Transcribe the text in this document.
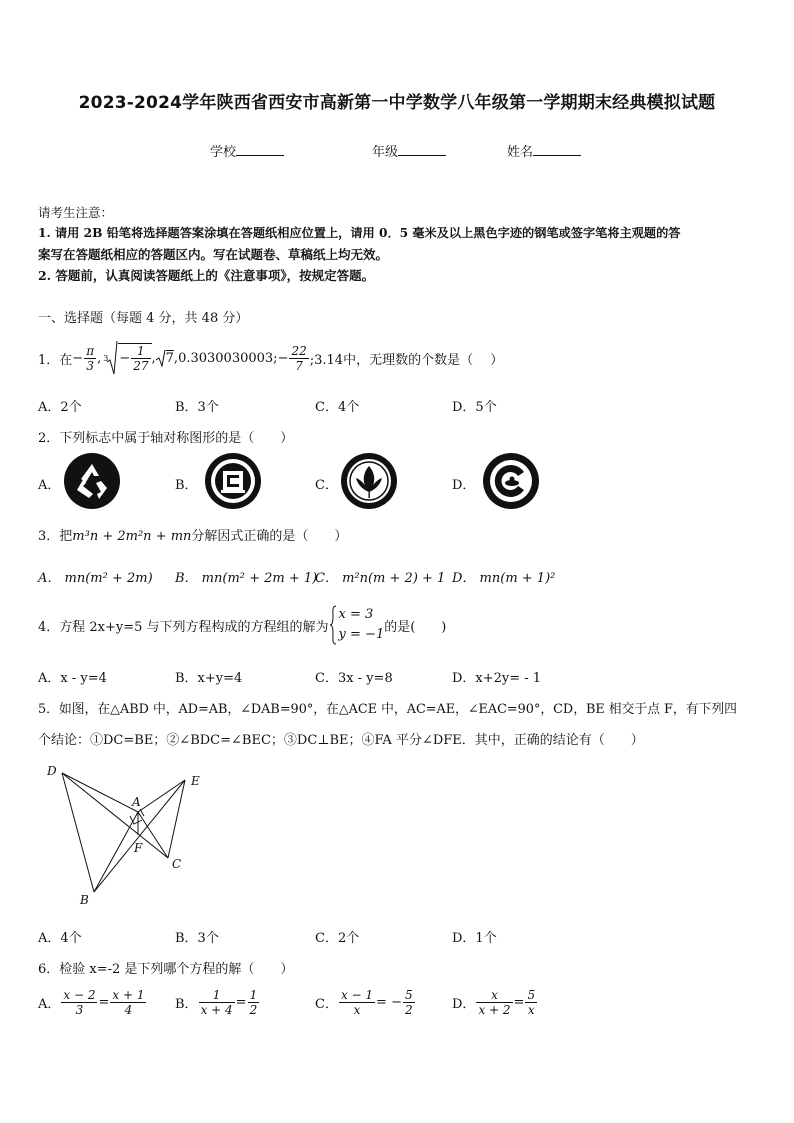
2023-2024学年陕西省西安市高新第一中学数学八年级第一学期期末经典模拟试题
学校	年级	姓名
请考生注意：
1. 请用 2B 铅笔将选择题答案涂填在答题纸相应位置上，请用 0．5 毫米及以上黑色字迹的钢笔或签字笔将主观题的答
案写在答题纸相应的答题区内。写在试题卷、草稿纸上均无效。
2. 答题前，认真阅读答题纸上的《注意事项》，按规定答题。
一、选择题（每题 4 分，共 48 分）
1．在 − $\frac{\pi}{3}$ , $3 - \frac{1}{27}$ , 7 , 0.3030030003; − $\frac{22}{7}$ ;3.14中，无理数的个数是（　 ）
A．2个	B．3个	C．4个	D．5个
2．下列标志中属于轴对称图形的是（　　）
A．	B．	C．	D．
3．把m³n + 2m²n + mn分解因式正确的是（　　）
A． mn(m² + 2m) B． mn(m² + 2m + 1)
C． m²n(m + 2) + 1 D． mn(m + 1)²
4．方程 2x+y=5 与下列方程构成的方程组的解为
x = 3
y = −1 的是(　　)
A．x - y=4	B．x+y=4	C．3x - y=8	D．x+2y= - 1
5．如图，在△ABD 中，AD=AB，∠DAB=90°，在△ACE 中，AC=AE，∠EAC=90°，CD，BE 相交于点 F，有下列四
个结论：①DC=BE；②∠BDC=∠BEC；③DC⊥BE；④FA 平分∠DFE．其中，正确的结论有（　　）
D
E
A
F
C
B
A．4个	B．3个	C．2个	D．1个
6．检验 x=-2 是下列哪个方程的解（　　）
A． $\frac{x - 2}{3} = \frac{x + 1}{4}$ B． $\frac{1}{x + 4} = \frac{1}{2}$	C． $\frac{x - 1}{x}$ = − $\frac{5}{2}$	D． $\frac{x}{x + 2} = \frac{5}{x}$
